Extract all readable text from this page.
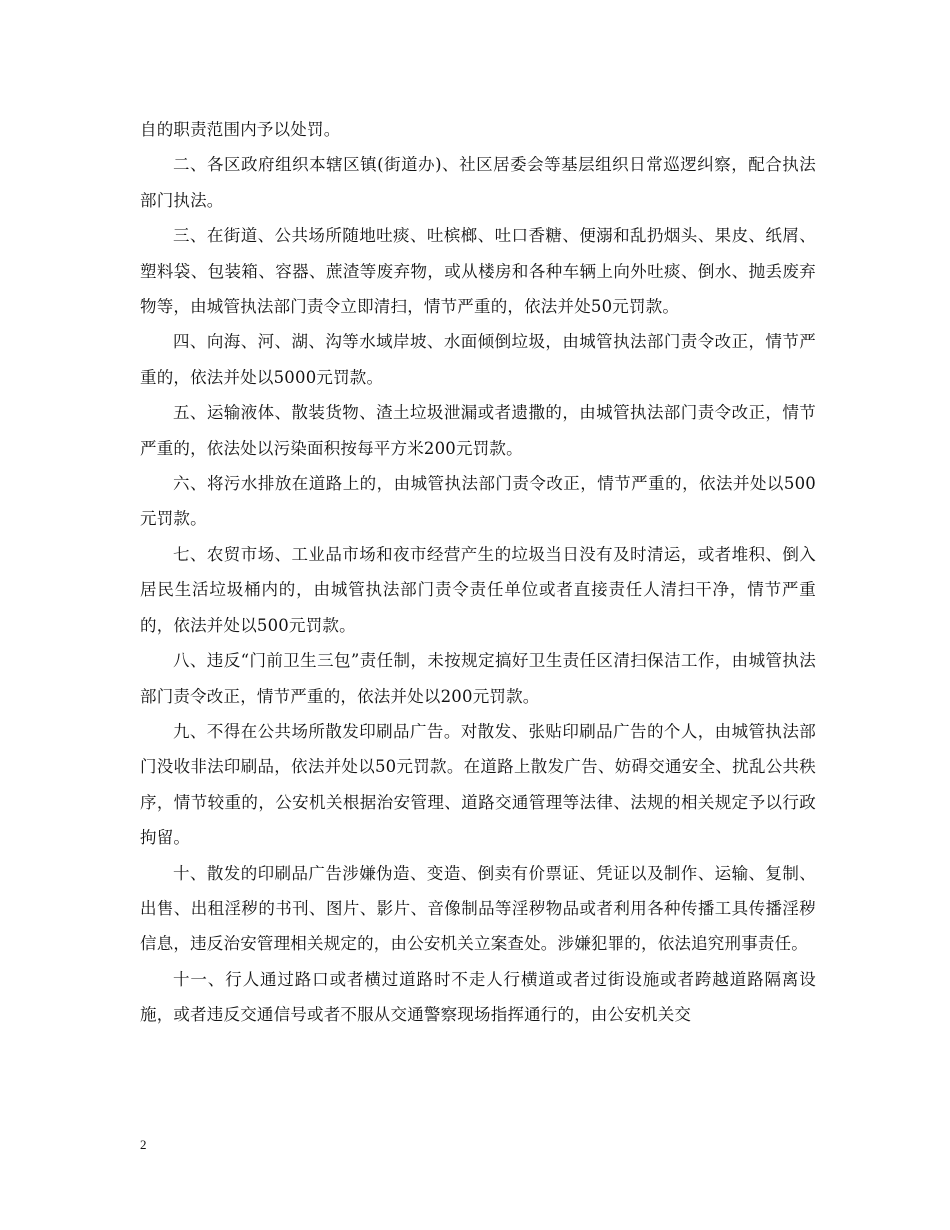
自的职责范围内予以处罚。

二、各区政府组织本辖区镇(街道办)、社区居委会等基层组织日常巡逻纠察，配合执法部门执法。

三、在街道、公共场所随地吐痰、吐槟榔、吐口香糖、便溺和乱扔烟头、果皮、纸屑、塑料袋、包装箱、容器、蔗渣等废弃物，或从楼房和各种车辆上向外吐痰、倒水、抛丢废弃物等，由城管执法部门责令立即清扫，情节严重的，依法并处50元罚款。

四、向海、河、湖、沟等水域岸坡、水面倾倒垃圾，由城管执法部门责令改正，情节严重的，依法并处以5000元罚款。

五、运输液体、散装货物、渣土垃圾泄漏或者遗撒的，由城管执法部门责令改正，情节严重的，依法处以污染面积按每平方米200元罚款。

六、将污水排放在道路上的，由城管执法部门责令改正，情节严重的，依法并处以500元罚款。

七、农贸市场、工业品市场和夜市经营产生的垃圾当日没有及时清运，或者堆积、倒入居民生活垃圾桶内的，由城管执法部门责令责任单位或者直接责任人清扫干净，情节严重的，依法并处以500元罚款。

八、违反“门前卫生三包”责任制，未按规定搞好卫生责任区清扫保洁工作，由城管执法部门责令改正，情节严重的，依法并处以200元罚款。

九、不得在公共场所散发印刷品广告。对散发、张贴印刷品广告的个人，由城管执法部门没收非法印刷品，依法并处以50元罚款。在道路上散发广告、妨碍交通安全、扰乱公共秩序，情节较重的，公安机关根据治安管理、道路交通管理等法律、法规的相关规定予以行政拘留。

十、散发的印刷品广告涉嫌伪造、变造、倒卖有价票证、凭证以及制作、运输、复制、出售、出租淫秽的书刊、图片、影片、音像制品等淫秽物品或者利用各种传播工具传播淫秽信息，违反治安管理相关规定的，由公安机关立案查处。涉嫌犯罪的，依法追究刑事责任。

十一、行人通过路口或者横过道路时不走人行横道或者过街设施或者跨越道路隔离设施，或者违反交通信号或者不服从交通警察现场指挥通行的，由公安机关交

2
